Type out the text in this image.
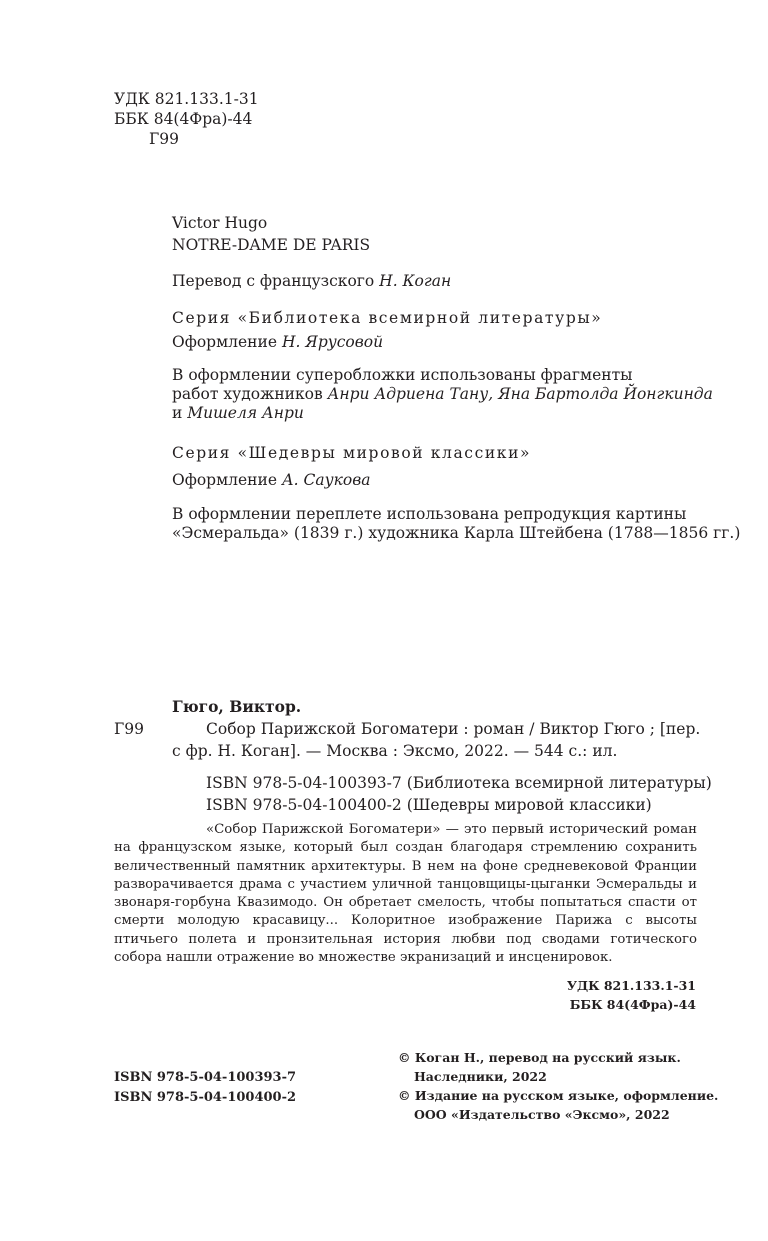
УДК 821.133.1-31
ББК 84(4Фра)-44
Г99
Victor Hugo
NOTRE-DAME DE PARIS
Перевод с французского Н. Коган
Серия «Библиотека всемирной литературы»
Оформление Н. Ярусовой
В оформлении суперобложки использованы фрагменты
работ художников Анри Адриена Тану, Яна Бартолда Йонгкинда
и Мишеля Анри
Серия «Шедевры мировой классики»
Оформление А. Саукова
В оформлении переплете использована репродукция картины
«Эсмеральда» (1839 г.) художника Карла Штейбена (1788—1856 гг.)
Гюго, Виктор.
Г99	Собор Парижской Богоматери : роман / Виктор Гюго ; [пер.
с фр. Н. Коган]. — Москва : Эксмо, 2022. — 544 с.: ил.
ISBN 978-5-04-100393-7 (Библиотека всемирной литературы)
ISBN 978-5-04-100400-2 (Шедевры мировой классики)

«Собор Парижской Богоматери» — это первый исторический роман на французском языке, который был создан благодаря стремлению сохранить величественный памятник архитектуры. В нем на фоне средневековой Франции разворачивается драма с участием уличной танцовщицы-цыганки Эсмеральды и звонаря-горбуна Квазимодо. Он обретает смелость, чтобы попытаться спасти от смерти молодую красавицу... Колоритное изображение Парижа с высоты птичьего полета и пронзительная история любви под сводами готического собора нашли отражение во множестве экранизаций и инсценировок.

УДК 821.133.1-31
ББК 84(4Фра)-44
© Коган Н., перевод на русский язык.
Наследники, 2022
© Издание на русском языке, оформление.
ООО «Издательство «Эксмо», 2022
ISBN 978-5-04-100393-7
ISBN 978-5-04-100400-2
